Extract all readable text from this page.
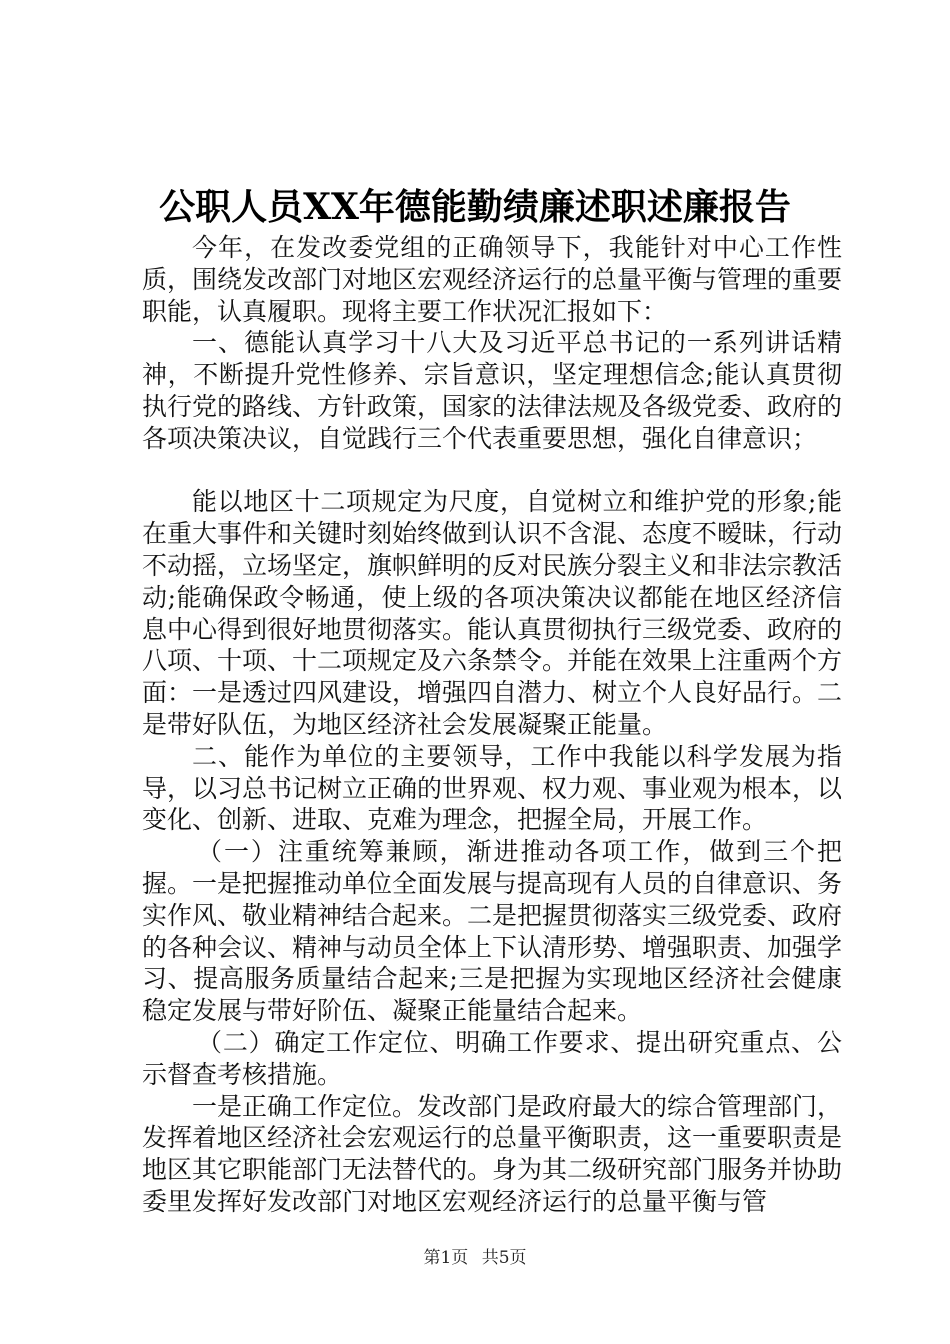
公职人员XX年德能勤绩廉述职述廉报告

今年，在发改委党组的正确领导下，我能针对中心工作性质，围绕发改部门对地区宏观经济运行的总量平衡与管理的重要职能，认真履职。现将主要工作状况汇报如下：

一、德能认真学习十八大及习近平总书记的一系列讲话精神，不断提升党性修养、宗旨意识，坚定理想信念;能认真贯彻执行党的路线、方针政策，国家的法律法规及各级党委、政府的各项决策决议，自觉践行三个代表重要思想，强化自律意识；

能以地区十二项规定为尺度，自觉树立和维护党的形象;能在重大事件和关键时刻始终做到认识不含混、态度不暧昧，行动不动摇，立场坚定，旗帜鲜明的反对民族分裂主义和非法宗教活动;能确保政令畅通，使上级的各项决策决议都能在地区经济信息中心得到很好地贯彻落实。能认真贯彻执行三级党委、政府的八项、十项、十二项规定及六条禁令。并能在效果上注重两个方面：一是透过四风建设，增强四自潜力、树立个人良好品行。二是带好队伍，为地区经济社会发展凝聚正能量。

二、能作为单位的主要领导，工作中我能以科学发展为指导，以习总书记树立正确的世界观、权力观、事业观为根本，以变化、创新、进取、克难为理念，把握全局，开展工作。

（一）注重统筹兼顾，渐进推动各项工作，做到三个把握。一是把握推动单位全面发展与提高现有人员的自律意识、务实作风、敬业精神结合起来。二是把握贯彻落实三级党委、政府的各种会议、精神与动员全体上下认清形势、增强职责、加强学习、提高服务质量结合起来;三是把握为实现地区经济社会健康稳定发展与带好阶伍、凝聚正能量结合起来。

（二）确定工作定位、明确工作要求、提出研究重点、公示督查考核措施。

一是正确工作定位。发改部门是政府最大的综合管理部门，发挥着地区经济社会宏观运行的总量平衡职责，这一重要职责是地区其它职能部门无法替代的。身为其二级研究部门服务并协助委里发挥好发改部门对地区宏观经济运行的总量平衡与管

第1页 共5页
